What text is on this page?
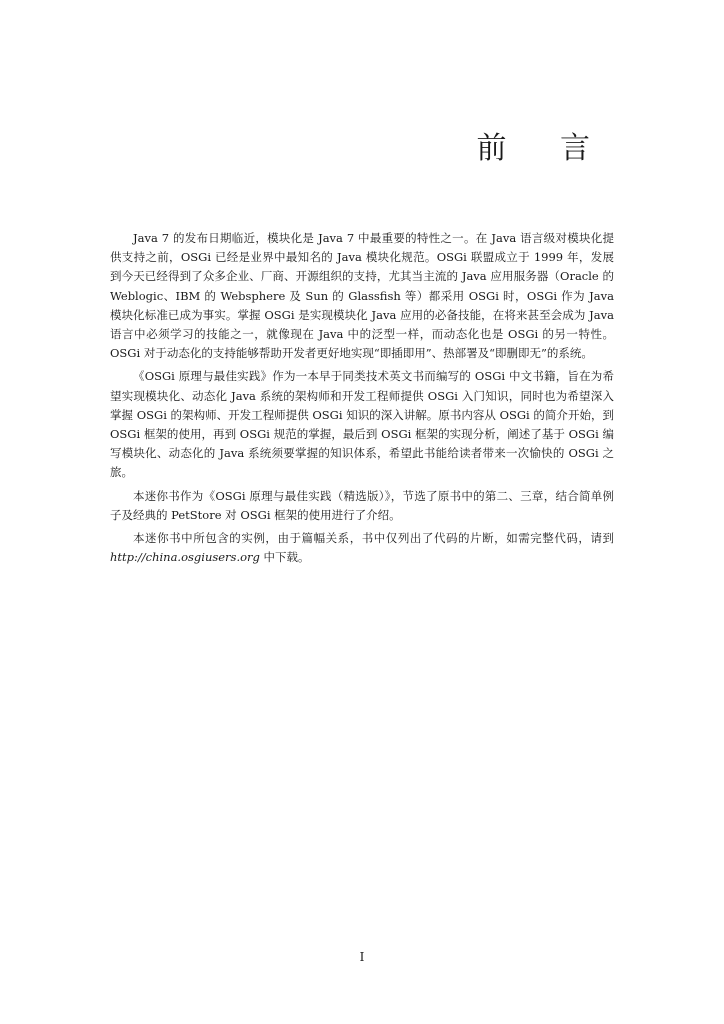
前 言

Java 7 的发布日期临近，模块化是 Java 7 中最重要的特性之一。在 Java 语言级对模块化提供支持之前，OSGi 已经是业界中最知名的 Java 模块化规范。OSGi 联盟成立于 1999 年，发展到今天已经得到了众多企业、厂商、开源组织的支持，尤其当主流的 Java 应用服务器（Oracle 的 Weblogic、IBM 的 Websphere 及 Sun 的 Glassfish 等）都采用 OSGi 时，OSGi 作为 Java 模块化标准已成为事实。掌握 OSGi 是实现模块化 Java 应用的必备技能，在将来甚至会成为 Java 语言中必须学习的技能之一，就像现在 Java 中的泛型一样，而动态化也是 OSGi 的另一特性。OSGi 对于动态化的支持能够帮助开发者更好地实现“即插即用”、热部署及“即删即无”的系统。

《OSGi 原理与最佳实践》作为一本早于同类技术英文书而编写的 OSGi 中文书籍，旨在为希望实现模块化、动态化 Java 系统的架构师和开发工程师提供 OSGi 入门知识，同时也为希望深入掌握 OSGi 的架构师、开发工程师提供 OSGi 知识的深入讲解。原书内容从 OSGi 的简介开始，到 OSGi 框架的使用，再到 OSGi 规范的掌握，最后到 OSGi 框架的实现分析，阐述了基于 OSGi 编写模块化、动态化的 Java 系统须要掌握的知识体系，希望此书能给读者带来一次愉快的 OSGi 之旅。

本迷你书作为《OSGi 原理与最佳实践（精选版）》，节选了原书中的第二、三章，结合简单例子及经典的 PetStore 对 OSGi 框架的使用进行了介绍。

本迷你书中所包含的实例，由于篇幅关系，书中仅列出了代码的片断，如需完整代码，请到http://china.osgiusers.org 中下载。

I
